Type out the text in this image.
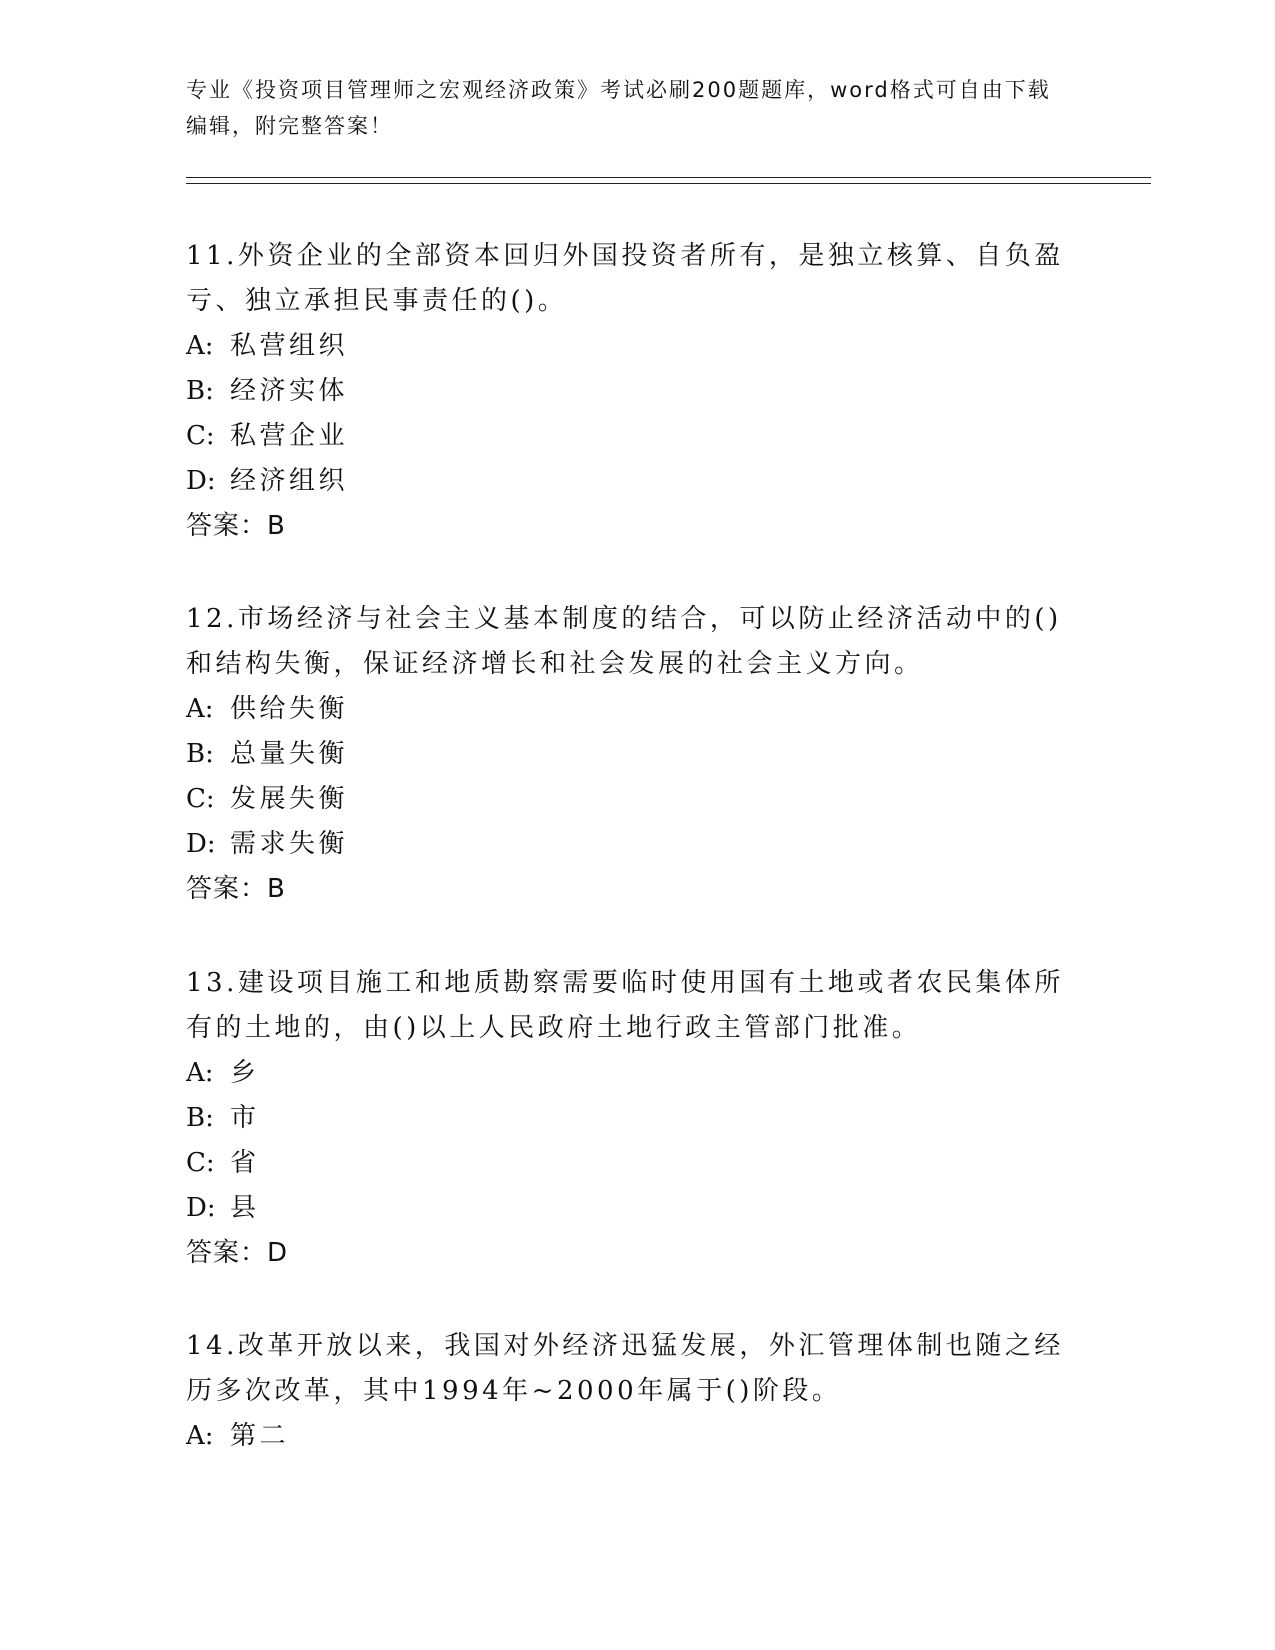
专业《投资项目管理师之宏观经济政策》考试必刷200题题库，word格式可自由下载编辑，附完整答案！

11.外资企业的全部资本回归外国投资者所有，是独立核算、自负盈亏、独立承担民事责任的()。

A: 私营组织

B: 经济实体

C: 私营企业

D: 经济组织

答案：B

12.市场经济与社会主义基本制度的结合，可以防止经济活动中的()和结构失衡，保证经济增长和社会发展的社会主义方向。

A: 供给失衡

B: 总量失衡

C: 发展失衡

D: 需求失衡

答案：B

13.建设项目施工和地质勘察需要临时使用国有土地或者农民集体所有的土地的，由()以上人民政府土地行政主管部门批准。

A: 乡

B: 市

C: 省

D: 县

答案：D

14.改革开放以来，我国对外经济迅猛发展，外汇管理体制也随之经历多次改革，其中1994年~2000年属于()阶段。

A: 第二
